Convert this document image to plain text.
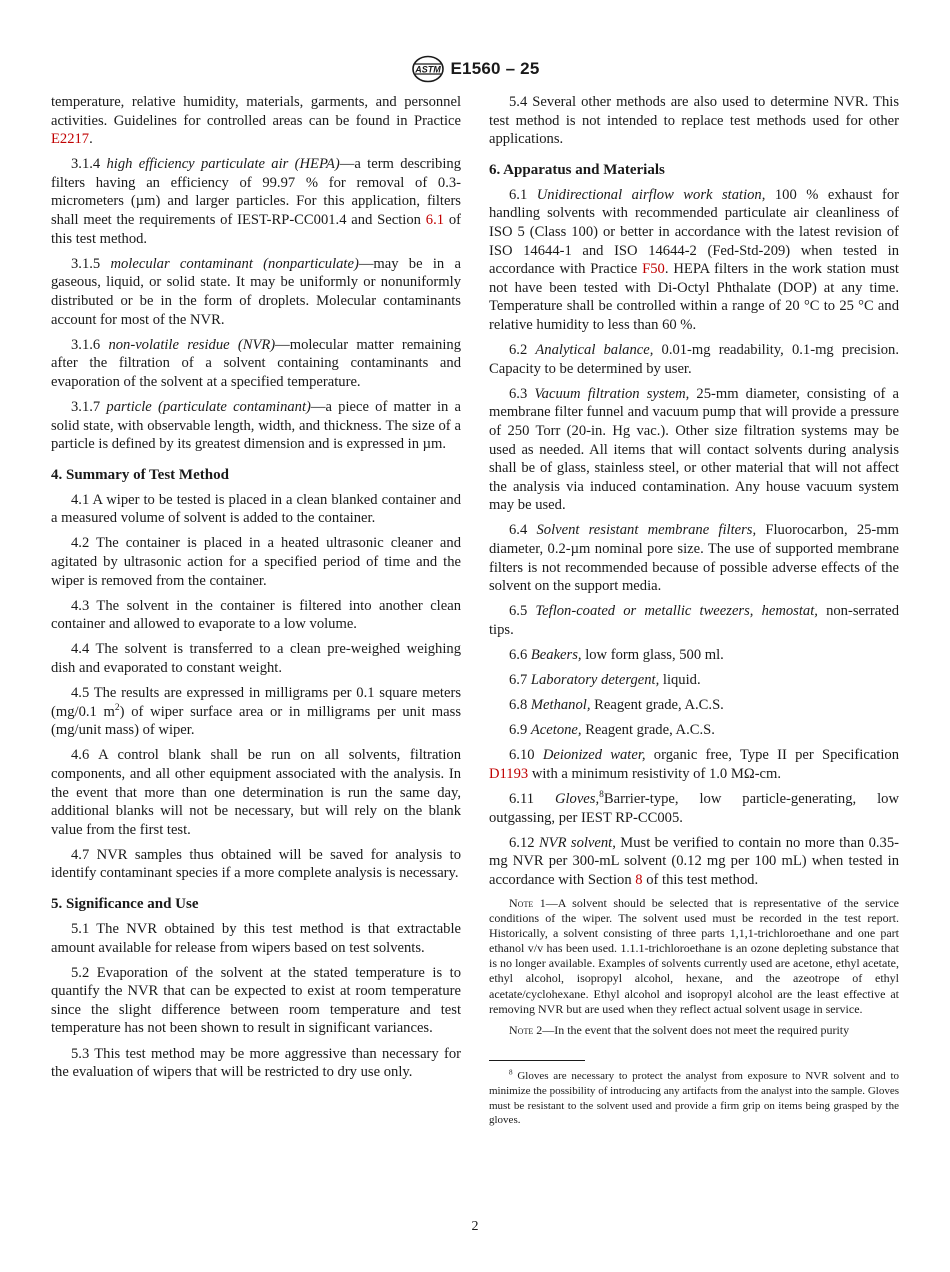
ASTM E1560 – 25

temperature, relative humidity, materials, garments, and personnel activities. Guidelines for controlled areas can be found in Practice E2217.

3.1.4 high efficiency particulate air (HEPA)—a term describing filters having an efficiency of 99.97 % for removal of 0.3-micrometers (µm) and larger particles. For this application, filters shall meet the requirements of IEST-RP-CC001.4 and Section 6.1 of this test method.

3.1.5 molecular contaminant (nonparticulate)—may be in a gaseous, liquid, or solid state. It may be uniformly or nonuniformly distributed or be in the form of droplets. Molecular contaminants account for most of the NVR.

3.1.6 non-volatile residue (NVR)—molecular matter remaining after the filtration of a solvent containing contaminants and evaporation of the solvent at a specified temperature.

3.1.7 particle (particulate contaminant)—a piece of matter in a solid state, with observable length, width, and thickness. The size of a particle is defined by its greatest dimension and is expressed in µm.

4. Summary of Test Method

4.1 A wiper to be tested is placed in a clean blanked container and a measured volume of solvent is added to the container.

4.2 The container is placed in a heated ultrasonic cleaner and agitated by ultrasonic action for a specified period of time and the wiper is removed from the container.

4.3 The solvent in the container is filtered into another clean container and allowed to evaporate to a low volume.

4.4 The solvent is transferred to a clean pre-weighed weighing dish and evaporated to constant weight.

4.5 The results are expressed in milligrams per 0.1 square meters (mg/0.1 $m^2$) of wiper surface area or in milligrams per unit mass (mg/unit mass) of wiper.

4.6 A control blank shall be run on all solvents, filtration components, and all other equipment associated with the analysis. In the event that more than one determination is run the same day, additional blanks will not be necessary, but will rely on the blank value from the first test.

4.7 NVR samples thus obtained will be saved for analysis to identify contaminant species if a more complete analysis is necessary.

5. Significance and Use

5.1 The NVR obtained by this test method is that extractable amount available for release from wipers based on test solvents.

5.2 Evaporation of the solvent at the stated temperature is to quantify the NVR that can be expected to exist at room temperature since the slight difference between room temperature and test temperature has not been shown to result in significant variances.

5.3 This test method may be more aggressive than necessary for the evaluation of wipers that will be restricted to dry use only.

5.4 Several other methods are also used to determine NVR. This test method is not intended to replace test methods used for other applications.

6. Apparatus and Materials

6.1 Unidirectional airflow work station, 100 % exhaust for handling solvents with recommended particulate air cleanliness of ISO 5 (Class 100) or better in accordance with the latest revision of ISO 14644-1 and ISO 14644-2 (Fed-Std-209) when tested in accordance with Practice F50. HEPA filters in the work station must not have been tested with Di-Octyl Phthalate (DOP) at any time. Temperature shall be controlled within a range of 20 °C to 25 °C and relative humidity to less than 60 %.

6.2 Analytical balance, 0.01-mg readability, 0.1-mg precision. Capacity to be determined by user.

6.3 Vacuum filtration system, 25-mm diameter, consisting of a membrane filter funnel and vacuum pump that will provide a pressure of 250 Torr (20-in. Hg vac.). Other size filtration systems may be used as needed. All items that will contact solvents during analysis shall be of glass, stainless steel, or other material that will not affect the analysis via induced contamination. Any house vacuum system may be used.

6.4 Solvent resistant membrane filters, Fluorocarbon, 25-mm diameter, 0.2-µm nominal pore size. The use of supported membrane filters is not recommended because of possible adverse effects of the solvent on the support media.

6.5 Teflon-coated or metallic tweezers, hemostat, non-serrated tips.

6.6 Beakers, low form glass, 500 ml.

6.7 Laboratory detergent, liquid.

6.8 Methanol, Reagent grade, A.C.S.

6.9 Acetone, Reagent grade, A.C.S.

6.10 Deionized water, organic free, Type II per Specification D1193 with a minimum resistivity of 1.0 MΩ-cm.

6.11 Gloves,$^8$Barrier-type, low particle-generating, low outgassing, per IEST RP-CC005.

6.12 NVR solvent, Must be verified to contain no more than 0.35-mg NVR per 300-mL solvent (0.12 mg per 100 mL) when tested in accordance with Section 8 of this test method.

Note 1—A solvent should be selected that is representative of the service conditions of the wiper. The solvent used must be recorded in the test report. Historically, a solvent consisting of three parts 1,1,1-trichloroethane and one part ethanol v/v has been used. 1.1.1-trichloroethane is an ozone depleting substance that is no longer available. Examples of solvents currently used are acetone, ethyl acetate, ethyl alcohol, isopropyl alcohol, hexane, and the azeotrope of ethyl acetate/cyclohexane. Ethyl alcohol and isopropyl alcohol are the least effective at removing NVR but are used when they reflect actual solvent usage in service.

Note 2—In the event that the solvent does not meet the required purity

$^8$ Gloves are necessary to protect the analyst from exposure to NVR solvent and to minimize the possibility of introducing any artifacts from the analyst into the sample. Gloves must be resistant to the solvent used and provide a firm grip on items being grasped by the gloves.

2
